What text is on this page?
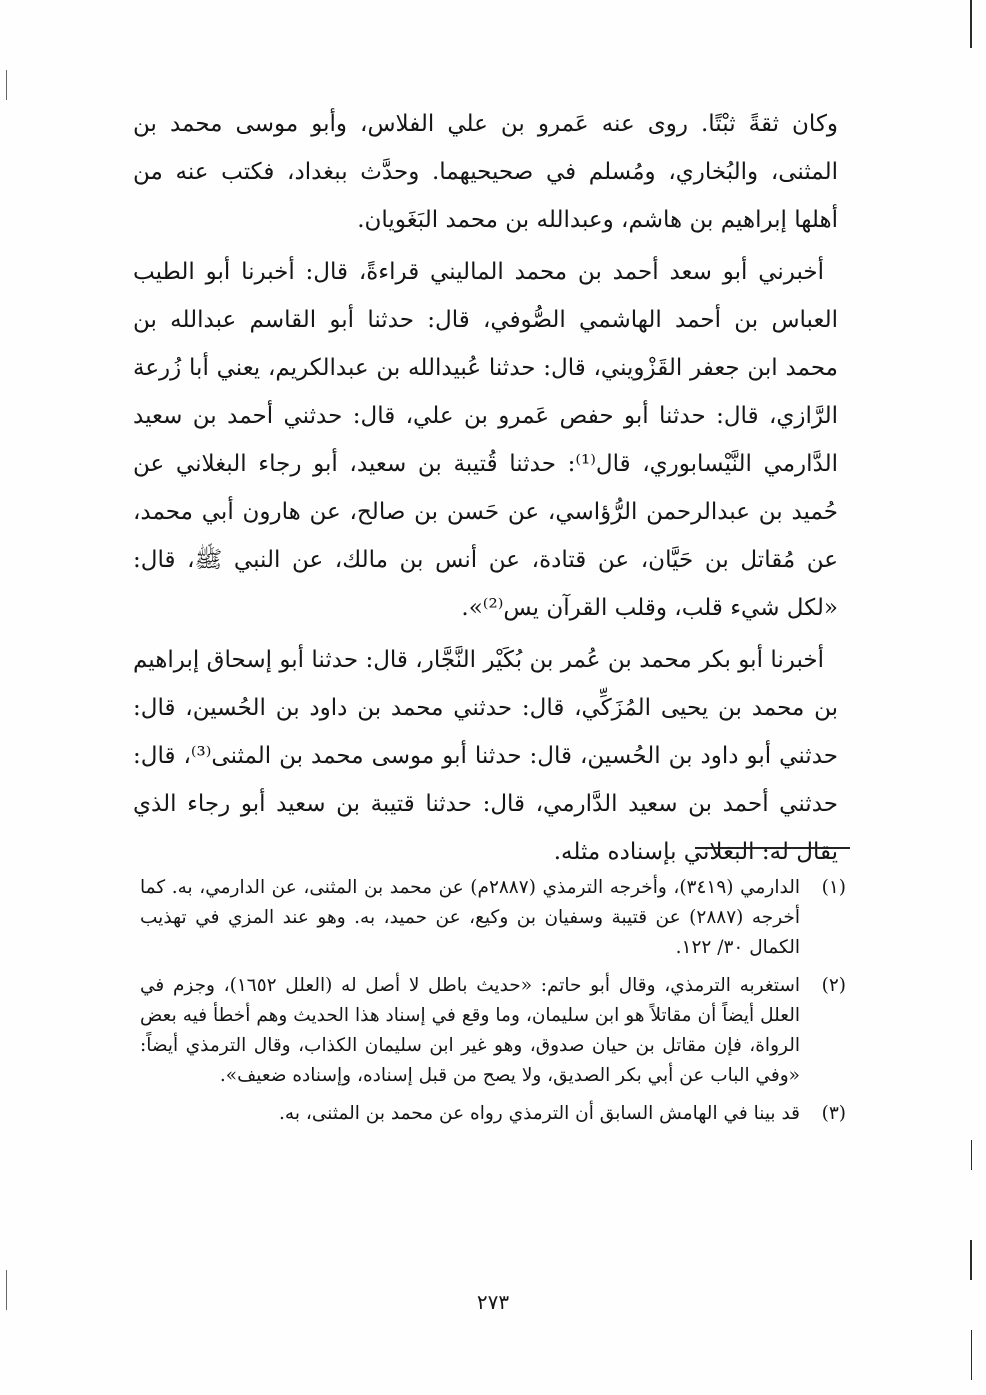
وكان ثقةً ثبْتًا. روى عنه عَمرو بن علي الفلاس، وأبو موسى محمد بن المثنى، والبُخاري، ومُسلم في صحيحيهما. وحدَّث ببغداد، فكتب عنه من أهلها إبراهيم بن هاشم، وعبدالله بن محمد البَغَويان.

أخبرني أبو سعد أحمد بن محمد الماليني قراءةً، قال: أخبرنا أبو الطيب العباس بن أحمد الهاشمي الصُّوفي، قال: حدثنا أبو القاسم عبدالله بن محمد ابن جعفر القَزْويني، قال: حدثنا عُبيدالله بن عبدالكريم، يعني أبا زُرعة الرَّازي، قال: حدثنا أبو حفص عَمرو بن علي، قال: حدثني أحمد بن سعيد الدَّارمي النَّيْسابوري، قال⁽¹⁾: حدثنا قُتيبة بن سعيد، أبو رجاء البغلاني عن حُميد بن عبدالرحمن الرُّؤاسي، عن حَسن بن صالح، عن هارون أبي محمد، عن مُقاتل بن حَيَّان، عن قتادة، عن أنس بن مالك، عن النبي ﷺ، قال: «لكل شيء قلب، وقلب القرآن يس⁽²⁾».

أخبرنا أبو بكر محمد بن عُمر بن بُكَيْر النَّجَّار، قال: حدثنا أبو إسحاق إبراهيم بن محمد بن يحيى المُزَكِّي، قال: حدثني محمد بن داود بن الحُسين، قال: حدثني أبو داود بن الحُسين، قال: حدثنا أبو موسى محمد بن المثنى⁽³⁾، قال: حدثني أحمد بن سعيد الدَّارمي، قال: حدثنا قتيبة بن سعيد أبو رجاء الذي يقال له: البغلاني بإسناده مثله.

(١)
الدارمي (٣٤١٩)، وأخرجه الترمذي (٢٨٨٧م) عن محمد بن المثنى، عن الدارمي، به. كما أخرجه (٢٨٨٧) عن قتيبة وسفيان بن وكيع، عن حميد، به. وهو عند المزي في تهذيب الكمال ٣٠/ ١٢٢.
(٢)
استغربه الترمذي، وقال أبو حاتم: «حديث باطل لا أصل له (العلل ١٦٥٢)، وجزم في العلل أيضاً أن مقاتلاً هو ابن سليمان، وما وقع في إسناد هذا الحديث وهم أخطأ فيه بعض الرواة، فإن مقاتل بن حيان صدوق، وهو غير ابن سليمان الكذاب، وقال الترمذي أيضاً: «وفي الباب عن أبي بكر الصديق، ولا يصح من قبل إسناده، وإسناده ضعيف».
(٣)
قد بينا في الهامش السابق أن الترمذي رواه عن محمد بن المثنى، به.
٢٧٣
